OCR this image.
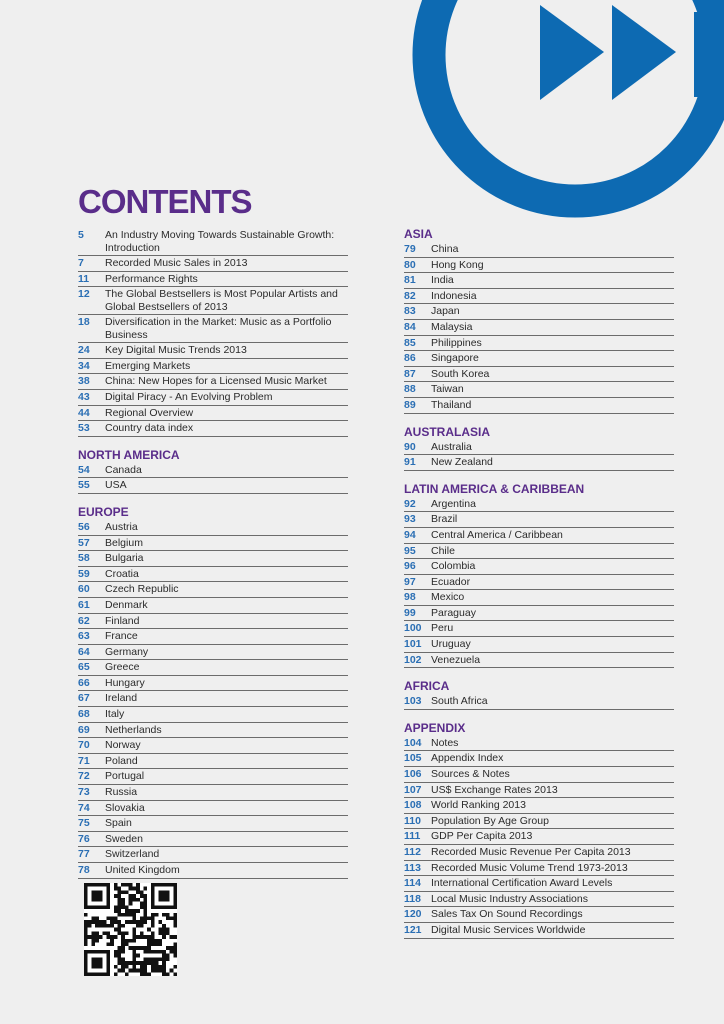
CONTENTS
5	An Industry Moving Towards Sustainable Growth: Introduction
7	Recorded Music Sales in 2013
11	Performance Rights
12	The Global Bestsellers is Most Popular Artists and Global Bestsellers of 2013
18	Diversification in the Market: Music as a Portfolio Business
24	Key Digital Music Trends 2013
34	Emerging Markets
38	China: New Hopes for a Licensed Music Market
43	Digital Piracy - An Evolving Problem
44	Regional Overview
53	Country data index
NORTH AMERICA
54	Canada
55	USA
EUROPE
56	Austria
57	Belgium
58	Bulgaria
59	Croatia
60	Czech Republic
61	Denmark
62	Finland
63	France
64	Germany
65	Greece
66	Hungary
67	Ireland
68	Italy
69	Netherlands
70	Norway
71	Poland
72	Portugal
73	Russia
74	Slovakia
75	Spain
76	Sweden
77	Switzerland
78	United Kingdom
ASIA
79	China
80	Hong Kong
81	India
82	Indonesia
83	Japan
84	Malaysia
85	Philippines
86	Singapore
87	South Korea
88	Taiwan
89	Thailand
AUSTRALASIA
90	Australia
91	New Zealand
LATIN AMERICA & CARIBBEAN
92	Argentina
93	Brazil
94	Central America / Caribbean
95	Chile
96	Colombia
97	Ecuador
98	Mexico
99	Paraguay
100 Peru
101 Uruguay
102 Venezuela
AFRICA
103 South Africa
APPENDIX
104 Notes
105 Appendix Index
106 Sources & Notes
107 US$ Exchange Rates 2013
108 World Ranking 2013
110 Population By Age Group
111	GDP Per Capita 2013
112 Recorded Music Revenue Per Capita 2013
113 Recorded Music Volume Trend 1973-2013
114 International Certification Award Levels
118 Local Music Industry Associations
120 Sales Tax On Sound Recordings
121 Digital Music Services Worldwide
